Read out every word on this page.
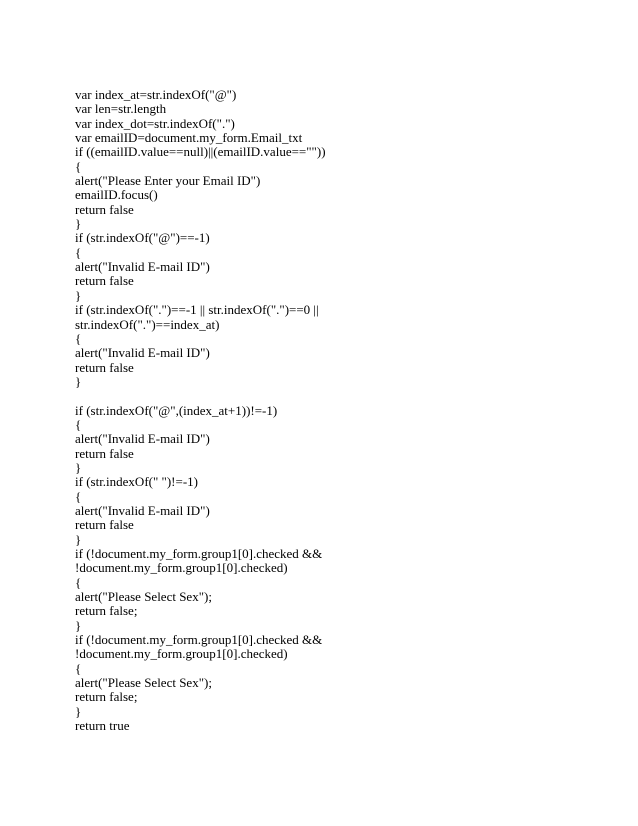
var index_at=str.indexOf("@")
var len=str.length
var index_dot=str.indexOf(".")
var emailID=document.my_form.Email_txt
if ((emailID.value==null)||(emailID.value==""))
{
alert("Please Enter your Email ID")
emailID.focus()
return false
}
if (str.indexOf("@")==-1)
{
alert("Invalid E-mail ID")
return false
}
if (str.indexOf(".")==-1 || str.indexOf(".")==0 ||
str.indexOf(".")==index_at)
{
alert("Invalid E-mail ID")
return false
}
if (str.indexOf("@",(index_at+1))!=-1)
{
alert("Invalid E-mail ID")
return false
}
if (str.indexOf(" ")!=-1)
{
alert("Invalid E-mail ID")
return false
}
if (!document.my_form.group1[0].checked &&
!document.my_form.group1[0].checked)
{
alert("Please Select Sex");
return false;
}
if (!document.my_form.group1[0].checked &&
!document.my_form.group1[0].checked)
{
alert("Please Select Sex");
return false;
}
return true
